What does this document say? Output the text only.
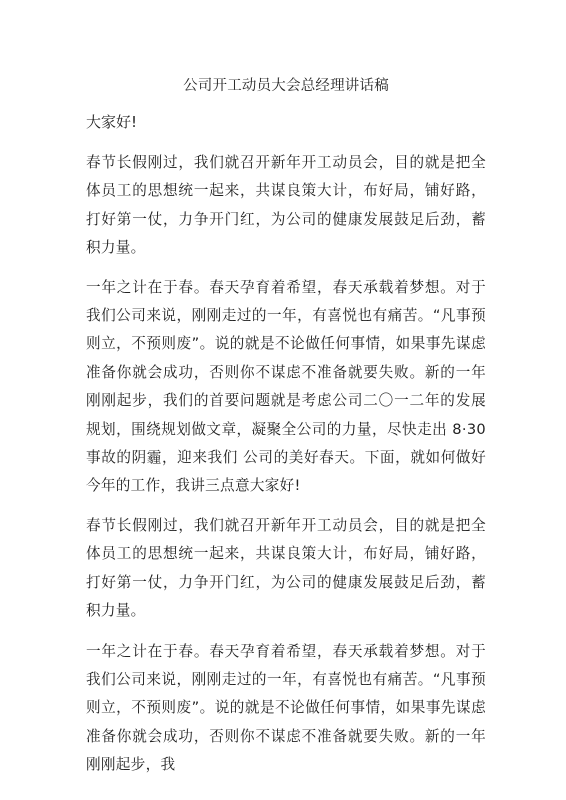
公司开工动员大会总经理讲话稿
大家好!

春节长假刚过，我们就召开新年开工动员会，目的就是把全体员工的思想统一起来，共谋良策大计，布好局，铺好路，打好第一仗，力争开门红，为公司的健康发展鼓足后劲，蓄积力量。

一年之计在于春。春天孕育着希望，春天承载着梦想。对于我们公司来说，刚刚走过的一年，有喜悦也有痛苦。“凡事预则立，不预则废”。说的就是不论做任何事情，如果事先谋虑准备你就会成功，否则你不谋虑不准备就要失败。新的一年刚刚起步，我们的首要问题就是考虑公司二〇一二年的发展规划，围绕规划做文章，凝聚全公司的力量，尽快走出 8·30 事故的阴霾，迎来我们 公司的美好春天。下面，就如何做好今年的工作，我讲三点意大家好!

春节长假刚过，我们就召开新年开工动员会，目的就是把全体员工的思想统一起来，共谋良策大计，布好局，铺好路，打好第一仗，力争开门红，为公司的健康发展鼓足后劲，蓄积力量。

一年之计在于春。春天孕育着希望，春天承载着梦想。对于我们公司来说，刚刚走过的一年，有喜悦也有痛苦。“凡事预则立，不预则废”。说的就是不论做任何事情，如果事先谋虑准备你就会成功，否则你不谋虑不准备就要失败。新的一年刚刚起步，我
